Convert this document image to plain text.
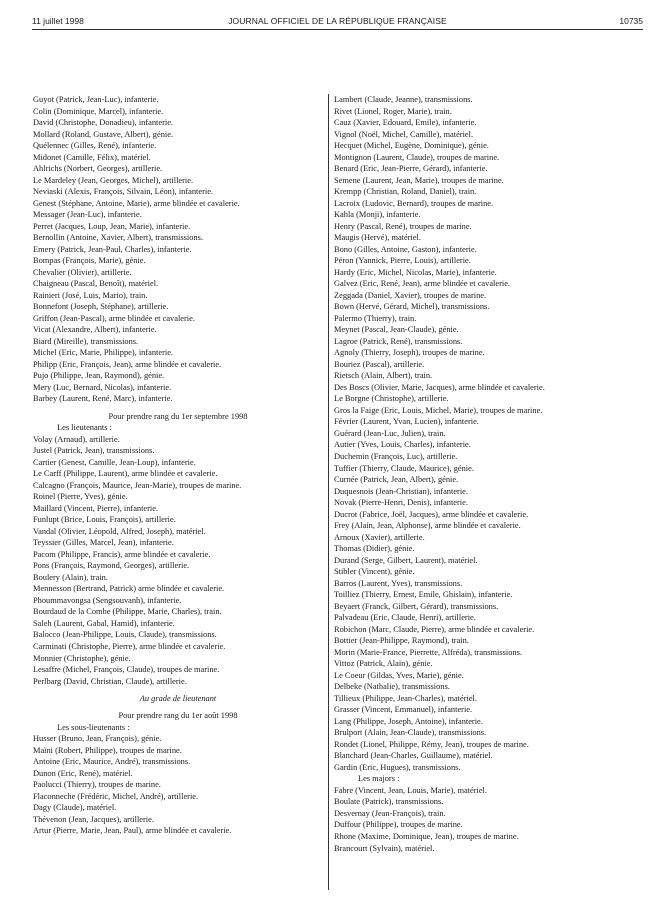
11 juillet 1998	JOURNAL OFFICIEL DE LA RÉPUBLIQUE FRANÇAISE	10735
Guyot (Patrick, Jean-Luc), infanterie.
Colin (Dominique, Marcel), infanterie.
David (Christophe, Donadieu), infanterie.
Mollard (Roland, Gustave, Albert), génie.
Quélennec (Gilles, René), infanterie.
Midonet (Camille, Félix), matériel.
Ahlrichs (Norbert, Georges), artillerie.
Le Mardeley (Jean, Georges, Michel), artillerie.
Neviaski (Alexis, François, Silvain, Léon), infanterie.
Genest (Stéphane, Antoine, Marie), arme blindée et cavalerie.
Messager (Jean-Luc), infanterie.
Perret (Jacques, Loup, Jean, Marie), infanterie.
Bernollin (Antoine, Xavier, Albert), transmissions.
Emery (Patrick, Jean-Paul, Charles), infanterie.
Bompas (François, Marie), génie.
Chevalier (Olivier), artillerie.
Chaigneau (Pascal, Benoît), matériel.
Rainieri (José, Luis, Mario), train.
Bonnefont (Joseph, Stéphane), artillerie.
Griffon (Jean-Pascal), arme blindée et cavalerie.
Vicat (Alexandre, Albert), infanterie.
Biard (Mireille), transmissions.
Michel (Eric, Marie, Philippe), infanterie.
Philipp (Eric, François, Jean), arme blindée et cavalerie.
Pujo (Philippe, Jean, Raymond), génie.
Mery (Luc, Bernard, Nicolas), infanterie.
Barbey (Laurent, René, Marc), infanterie.
Pour prendre rang du 1er septembre 1998
Les lieutenants :
Volay (Arnaud), artillerie.
Justel (Patrick, Jean), transmissions.
Cartier (Genest, Camille, Jean-Loup), infanterie.
Le Carff (Philippe, Laurent), arme blindée et cavalerie.
Calcagno (François, Maurice, Jean-Marie), troupes de marine.
Roinel (Pierre, Yves), génie.
Maillard (Vincent, Pierre), infanterie.
Funlupt (Brice, Louis, François), artillerie.
Vandal (Olivier, Léopold, Alfred, Joseph), matériel.
Teyssier (Gilles, Marcel, Jean), infanterie.
Pacom (Philippe, Francis), arme blindée et cavalerie.
Pons (François, Raymond, Georges), artillerie.
Boulery (Alain), train.
Mennesson (Bertrand, Patrick) arme blindée et cavalerie.
Phoummavongsa (Sengsouvanh), infanterie.
Bourdaud de la Combe (Philippe, Marie, Charles), train.
Saleh (Laurent, Gabal, Hamid), infanterie.
Balocco (Jean-Philippe, Louis, Claude), transmissions.
Carminati (Christophe, Pierre), arme blindée et cavalerie.
Monnier (Christophe), génie.
Lesaffre (Michel, François, Claude), troupes de marine.
Perlbarg (David, Christian, Claude), artillerie.
Au grade de lieutenant
Pour prendre rang du 1er août 1998
Les sous-lieutenants :
Husser (Bruno, Jean, François), génie.
Maïni (Robert, Philippe), troupes de marine.
Antoine (Eric, Maurice, André), transmissions.
Dunon (Eric, René), matériel.
Paolucci (Thierry), troupes de marine.
Flaconneche (Frédéric, Michel, André), artillerie.
Dagy (Claude), matériel.
Thévenon (Jean, Jacques), artillerie.
Artur (Pierre, Marie, Jean, Paul), arme blindée et cavalerie.
Lambert (Claude, Jeanne), transmissions.
Rivet (Lionel, Roger, Marie), train.
Cauz (Xavier, Edouard, Emile), infanterie.
Vignol (Noël, Michel, Camille), matériel.
Hecquet (Michel, Eugène, Dominique), génie.
Montignon (Laurent, Claude), troupes de marine.
Benard (Eric, Jean-Pierre, Gérard), infanterie.
Semene (Laurent, Jean, Marie), troupes de marine.
Krempp (Christian, Roland, Daniel), train.
Lacroix (Ludovic, Bernard), troupes de marine.
Kahla (Monji), infanterie.
Henry (Pascal, René), troupes de marine.
Maugis (Hervé), matériel.
Bono (Gilles, Antoine, Gaston), infanterie.
Péron (Yannick, Pierre, Louis), artillerie.
Hardy (Eric, Michel, Nicolas, Marie), infanterie.
Galvez (Eric, René, Jean), arme blindée et cavalerie.
Zeggada (Daniel, Xavier), troupes de marine.
Bown (Hervé, Gérard, Michel), transmissions.
Palermo (Thierry), train.
Meynet (Pascal, Jean-Claude), génie.
Lagroe (Patrick, René), transmissions.
Agnoly (Thierry, Joseph), troupes de marine.
Bouriez (Pascal), artillerie.
Rietsch (Alain, Albert), train.
Des Boscs (Olivier, Marie, Jacques), arme blindée et cavalerie.
Le Borgne (Christophe), artillerie.
Gros la Faige (Eric, Louis, Michel, Marie), troupes de marine.
Février (Laurent, Yvan, Lucien), infanterie.
Guérard (Jean-Luc, Julien), train.
Autier (Yves, Louis, Charles), infanterie.
Duchemin (François, Luc), artillerie.
Tuffier (Thierry, Claude, Maurice), génie.
Curnée (Patrick, Jean, Albert), génie.
Duquesnois (Jean-Christian), infanterie.
Novak (Pierre-Henri, Denis), infanterie.
Ducrot (Fabrice, Joël, Jacques), arme blindée et cavalerie.
Frey (Alain, Jean, Alphonse), arme blindée et cavalerie.
Arnoux (Xavier), artillerie.
Thomas (Didier), génie.
Durand (Serge, Gilbert, Laurent), matériel.
Stibler (Vincent), génie.
Barros (Laurent, Yves), transmissions.
Toilliez (Thierry, Ernest, Emile, Ghislain), infanterie.
Beyaert (Franck, Gilbert, Gérard), transmissions.
Palvadeau (Eric, Claude, Henri), artillerie.
Robichon (Marc, Claude, Pierre), arme blindée et cavalerie.
Bottier (Jean-Philippe, Raymond), train.
Morin (Marie-France, Pierrette, Alfréda), transmissions.
Vittoz (Patrick, Alain), génie.
Le Coeur (Gildas, Yves, Marie), génie.
Delbeke (Nathalie), transmissions.
Tillieux (Philippe, Jean-Charles), matériel.
Grasser (Vincent, Emmanuel), infanterie.
Lang (Philippe, Joseph, Antoine), infanterie.
Brulport (Alain, Jean-Claude), transmissions.
Rondet (Lionel, Philippe, Rémy, Jean), troupes de marine.
Blanchard (Jean-Charles, Guillaume), matériel.
Gardin (Eric, Hugues), transmissions.
Les majors :
Fabre (Vincent, Jean, Louis, Marie), matériel.
Boulate (Patrick), transmissions.
Desvernay (Jean-François), train.
Duffour (Philippe), troupes de marine.
Rhone (Maxime, Dominique, Jean), troupes de marine.
Brancourt (Sylvain), matériel.
